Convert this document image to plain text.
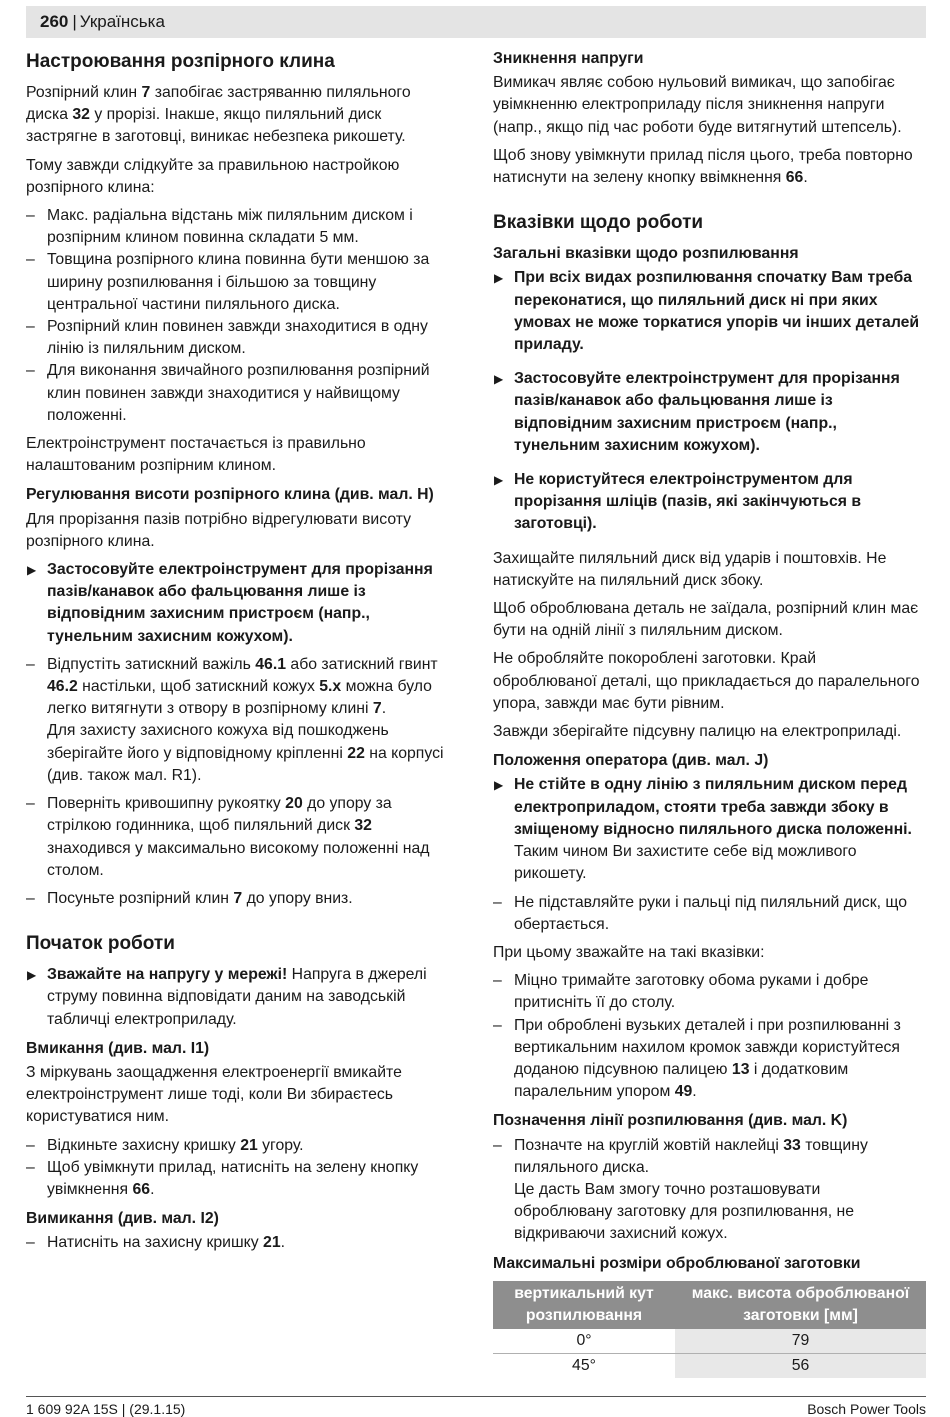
260 | Українська
Настроювання розпірного клина

Розпірний клин 7 запобігає застряванню пиляльного диска 32 у прорізі. Інакше, якщо пиляльний диск застрягне в заготовці, виникає небезпека рикошету.

Тому завжди слідкуйте за правильною настройкою розпірного клина:

– Макс. радіальна відстань між пиляльним диском і розпірним клином повинна складати 5 мм.
– Товщина розпірного клина повинна бути меншою за ширину розпилювання і більшою за товщину центральної частини пиляльного диска.
– Розпірний клин повинен завжди знаходитися в одну лінію із пиляльним диском.
– Для виконання звичайного розпилювання розпірний клин повинен завжди знаходитися у найвищому положенні.

Електроінструмент постачається із правильно налаштованим розпірним клином.

Регулювання висоти розпірного клина (див. мал. H)

Для прорізання пазів потрібно відрегулювати висоту розпірного клина.

▶ Застосовуйте електроінструмент для прорізання пазів/канавок або фальцювання лише із відповідним захисним пристроєм (напр., тунельним захисним кожухом).
– Відпустіть затискний важіль 46.1 або затискний гвинт 46.2 настільки, щоб затискний кожух 5.x можна було легко витягнути з отвору в розпірному клині 7.
Для захисту захисного кожуха від пошкоджень зберігайте його у відповідному кріпленні 22 на корпусі (див. також мал. R1).
– Поверніть кривошипну рукоятку 20 до упору за стрілкою годинника, щоб пиляльний диск 32 знаходився у максимально високому положенні над столом.
– Посуньте розпірний клин 7 до упору вниз.
Початок роботи
▶ Зважайте на напругу у мережі! Напруга в джерелі струму повинна відповідати даним на заводській табличці електроприладу.
Вмикання (див. мал. I1)

З міркувань заощадження електроенергії вмикайте електроінструмент лише тоді, коли Ви збираєтесь користуватися ним.

– Відкиньте захисну кришку 21 угору.
– Щоб увімкнути прилад, натисніть на зелену кнопку увімкнення 66.
Вимикання (див. мал. I2)
– Натисніть на захисну кришку 21.
Зникнення напруги

Вимикач являє собою нульовий вимикач, що запобігає увімкненню електроприладу після зникнення напруги (напр., якщо під час роботи буде витягнутий штепсель).

Щоб знову увімкнути прилад після цього, треба повторно натиснути на зелену кнопку ввімкнення 66.

Вказівки щодо роботи
Загальні вказівки щодо розпилювання
▶ При всіх видах розпилювання спочатку Вам треба переконатися, що пиляльний диск ні при яких умовах не може торкатися упорів чи інших деталей приладу.
▶ Застосовуйте електроінструмент для прорізання пазів/канавок або фальцювання лише із відповідним захисним пристроєм (напр., тунельним захисним кожухом).
▶ Не користуйтеся електроінструментом для прорізання шліців (пазів, які закінчуються в заготовці).

Захищайте пиляльний диск від ударів і поштовхів. Не натискуйте на пиляльний диск збоку.

Щоб оброблювана деталь не заїдала, розпірний клин має бути на одній лінії з пиляльним диском.

Не обробляйте покоробленi заготовки. Край оброблюваної деталі, що прикладається до паралельного упора, завжди має бути рівним.

Завжди зберігайте підсувну палицю на електроприладі.

Положення оператора (див. мал. J)
▶ Не стійте в одну лінію з пиляльним диском перед електроприладом, стояти треба завжди збоку в зміщеному відносно пиляльного диска положенні. Таким чином Ви захистите себе від можливого рикошету.
– Не підставляйте руки і пальці під пиляльний диск, що обертається.

При цьому зважайте на такі вказівки:

– Міцно тримайте заготовку обома руками і добре притисніть її до столу.
– При оброблені вузьких деталей і при розпилюванні з вертикальним нахилом кромок завжди користуйтеся доданою підсувною палицею 13 і додатковим паралельним упором 49.
Позначення лінії розпилювання (див. мал. K)
– Позначте на круглій жовтій наклейці 33 товщину пиляльного диска.
Це дасть Вам змогу точно розташовувати оброблювану заготовку для розпилювання, не відкриваючи захисний кожух.
Максимальні розміри оброблюваної заготовки
вертикальний кут розпилювання	макс. висота оброблюваної заготовки [мм]
0°	79
45°	56
1 609 92A 15S | (29.1.15)	Bosch Power Tools
